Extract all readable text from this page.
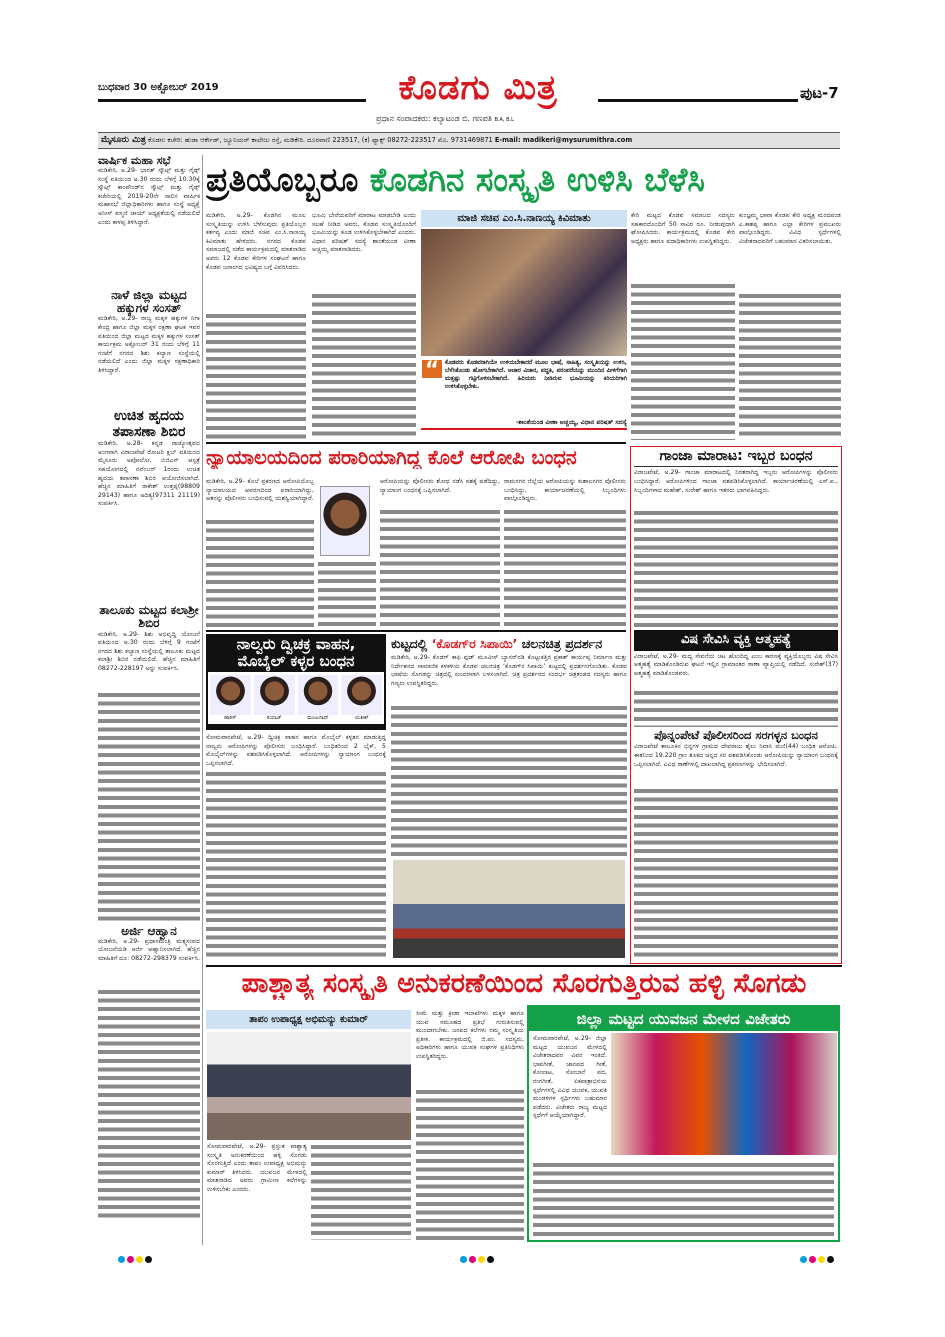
ಬುಧವಾರ 30 ಅಕ್ಟೋಬರ್ 2019	ಕೊಡಗು ಮಿತ್ರ	ಪುಟ-7
ಪ್ರಧಾನ ಸಂಪಾದಕರು: ಕಲ್ಯಾಟಂಡ ಬಿ. ಗಣಪತಿ B.A, B.L
ಮೈಸೂರು ಮಿತ್ರ ಕೊಡಗು ಕಚೇರಿ: ಹುಡಾ ಆರ್ಕೇಡ್, ಜ್ಯೂನಿಯರ್ ಕಾಲೇಜು ರಸ್ತೆ, ಮಡಿಕೇರಿ. ದೂರವಾಣಿ 223517, (ಕ) ಫ್ಯಾಕ್ಸ್ 08272-223517 ಮೊ. 9731469871 E-mail: madikeri@mysurumithra.com
ವಾರ್ಷಿಕ ಮಹಾ ಸಭೆ
ಮಡಿಕೇರಿ, ಅ.29- ಭಾರತ್ ಸ್ಕೌಟ್ಸ್ ಮತ್ತು ಗೈಡ್ಸ್ ಸಂಸ್ಥೆ ವತಿಯಿಂದ ಅ.30 ರಂದು ಬೆಳಿಗ್ಗೆ 10.30ಕ್ಕೆ ಸ್ಕೌಟ್ಸ್ ಕಾಂಪೌಂಡ್‌ನ ಸ್ಕೌಟ್ಸ್ ಮತ್ತು ಗೈಡ್ಸ್ ಕಚೇರಿಯಲ್ಲಿ 2019-20ನೇ ಸಾಲಿನ ವಾರ್ಷಿಕ ಮಹಾಸಭೆ ಜಿಲ್ಲಾಧಿಕಾರಿಗಳು ಹಾಗೂ ಸಂಸ್ಥೆ ಅಧ್ಯಕ್ಷೆ ಅನೀಸ್ ಕಣ್ಮಣಿ ಜಾಯ್ ಅಧ್ಯಕ್ಷತೆಯಲ್ಲಿ ನಡೆಯಲಿದೆ ಎಂದು ಕಾಳಪ್ಪ ತಿಳಿಸಿದ್ದಾರೆ.
ನಾಳೆ ಜಿಲ್ಲಾ ಮಟ್ಟದ ಹಕ್ಕುಗಳ ಸಂಸತ್
ಮಡಿಕೇರಿ, ಅ.29- ರಾಜ್ಯ ಮಕ್ಕಳ ಹಕ್ಕುಗಳ ನಿಗಾ ಕೇಂದ್ರ ಹಾಗೂ ಜಿಲ್ಲಾ ಮಕ್ಕಳ ರಕ್ಷಣಾ ಘಟಕ ಇವರ ವತಿಯಿಂದ ಜಿಲ್ಲಾ ಮಟ್ಟದ ಮಕ್ಕಳ ಹಕ್ಕುಗಳ ಸಂಸತ್ ಕಾರ್ಯಕ್ರಮ ಅಕ್ಟೋಬರ್ 31 ರಂದು ಬೆಳಿಗ್ಗೆ 11 ಗಂಟೆಗೆ ನಗರದ ಶಿಶು ಕಲ್ಯಾಣ ಸಂಸ್ಥೆಯಲ್ಲಿ ನಡೆಯಲಿದೆ ಎಂದು ಜಿಲ್ಲಾ ಮಕ್ಕಳ ರಕ್ಷಣಾಧಿಕಾರಿ ತಿಳಿಸಿದ್ದಾರೆ.
ಉಚಿತ ಹೃದಯ ತಪಾಸಣಾ ಶಿಬಿರ
ಮಡಿಕೇರಿ, ಅ.28- ಕನ್ನಡ ರಾಜ್ಯೋತ್ಸವದ ಅಂಗವಾಗಿ ವಿರಾಜಪೇಟೆ ರೋಟರಿ ಕ್ಲಬ್ ವತಿಯಿಂದ ಮೈಸೂರು ಅಪೋಲೋ, ಬಿಜಿಎಸ್ ಆಸ್ಪತ್ರೆ ಸಹಯೋಗದಲ್ಲಿ ನವೆಂಬರ್ 1ರಂದು ಉಚಿತ ಹೃದಯ ತಪಾಸಣಾ ಶಿಬಿರ ಆಯೋಜಿಸಲಾಗಿದೆ. ಹೆಚ್ಚಿನ ಮಾಹಿತಿಗೆ ರಾಕೇಶ್ ಉತ್ತಪ್ಪ(98809 29143) ಹಾಗೂ ಅದಿತ್ಯ(97311 21119) ಸಂಪರ್ಕಿಸಿ.
ತಾಲೂಕು ಮಟ್ಟದ ಕಲಾಶ್ರೀ ಶಿಬಿರ
ಮಡಿಕೇರಿ, ಅ.29- ಶಿಶು ಅಭಿವೃದ್ಧಿ ಯೋಜನೆ ವತಿಯಿಂದ ಅ.30 ರಂದು ಬೆಳಿಗ್ಗೆ 9 ಗಂಟೆಗೆ ನಗರದ ಶಿಶು ಕಲ್ಯಾಣ ಸಂಸ್ಥೆಯಲ್ಲಿ ತಾಲೂಕು ಮಟ್ಟದ ಕಲಾಶ್ರೀ ಶಿಬಿರ ನಡೆಯಲಿದೆ. ಹೆಚ್ಚಿನ ಮಾಹಿತಿಗೆ 08272-228197 ಅನ್ನು ಸಂಪರ್ಕಿಸಿ.
ಅರ್ಜಿ ಆಹ್ವಾನ
ಮಡಿಕೇರಿ, ಅ.29- ಪ್ರಧಾನಮಂತ್ರಿ ಮತ್ಸ್ಯಸಂಪದ ಯೋಜನೆಯಡಿ ಅರ್ಜಿ ಆಹ್ವಾನಿಸಲಾಗಿದೆ. ಹೆಚ್ಚಿನ ಮಾಹಿತಿಗೆ ದೂ: 08272-298379 ಸಂಪರ್ಕಿಸಿ.
ಪ್ರತಿಯೊಬ್ಬರೂ ಕೊಡಗಿನ ಸಂಸ್ಕೃತಿ ಉಳಿಸಿ ಬೆಳೆಸಿ
ಮಡಿಕೇರಿ, ಅ.29- ಕೊಡಗಿನ ಮೂಲ ಸಂಸ್ಕೃತಿಯನ್ನು ಉಳಿಸಿ ಬೆಳೆಸುವುದು ಪ್ರತಿಯೊಬ್ಬರ ಕರ್ತವ್ಯ ಎಂದು ಮಾಜಿ ಸಚಿವ ಎಂ.ಸಿ.ನಾಣಯ್ಯ ಕಿವಿಮಾತು ಹೇಳಿದರು. ನಗರದ ಕೊಡವ ಸಮಾಜದಲ್ಲಿ ನಡೆದ ಕಾರ್ಯಕ್ರಮದಲ್ಲಿ ಮಾತನಾಡಿದ ಅವರು 12 ಕೊಡವ ಕೇರಿಗಳ ಸಂಘಟನೆ ಹಾಗೂ ಕೊಡವ ಜನಾಂಗದ ಭವಿಷ್ಯದ ಬಗ್ಗೆ ವಿವರಿಸಿದರು.
ಭೂಮಿ ಬೇರೆಯವರಿಗೆ ಮಾರಾಟ ಮಾಡಬೇಡಿ ಎಂದು ಸಲಹೆ ನೀಡಿದ ಅವರು, ಕೊಡವ ಸಂಸ್ಕೃತಿಯೊಂದಿಗೆ ಭೂಮಿಯನ್ನು ಕೂಡ ಉಳಿಸಿಕೊಳ್ಳಬೇಕಾಗಿದೆ ಎಂದರು. ವಿಧಾನ ಪರಿಷತ್ ಸದಸ್ಯೆ ಶಾಂತೆಯಂಡ ವೀಣಾ ಅಚ್ಚಯ್ಯ ಮಾತನಾಡಿದರು.
ಮಾಜಿ ಸಚಿವ ಎಂ.ಸಿ.ನಾಣಯ್ಯ ಕಿವಿಮಾತು
“ ಕೊಡವರು ಕೊಡವರಾಗಿಯೇ ಉಳಿಯಬೇಕಾದರೆ ಮೂಲ ಭಾಷೆ, ಸಾಹಿತ್ಯ, ಸಂಸ್ಕೃತಿಯನ್ನು ಉಳಿಸಿ, ಬೆಳೆಸಿಕೊಂಡು ಹೋಗಬೇಕಾಗಿದೆ. ಆಚಾರ ವಿಚಾರ, ಪದ್ಧತಿ, ಪರಂಪರೆಯನ್ನು ಮುಂದಿನ ಪೀಳಿಗೆಗಾಗಿ ಮತ್ತಷ್ಟು ಗಟ್ಟಿಗೊಳಿಸಬೇಕಾಗಿದೆ. ಹಿರಿಯರು ನೀಡಿರುವ ಭೂಮಿಯನ್ನು ಕಿರಿಯರಿಗಾಗಿ ಉಳಿಸಿಕೊಳ್ಳಬೇಕು.
-ಶಾಂತೆಯಂಡ ವೀಣಾ ಅಚ್ಚಯ್ಯ, ವಿಧಾನ ಪರಿಷತ್ ಸದಸ್ಯೆ
ಕೇರಿ ಮಟ್ಟದ ಕೊಡವ ಸಮಾಜದ ಸದಸ್ಯರು ಸಹಕಾರದೊಂದಿಗೆ 50 ಸಾವಿರ ರೂ. ನೀಡುವುದಾಗಿ ಘೋಷಿಸಿದರು. ಕಾರ್ಯಕ್ರಮದಲ್ಲಿ ಕೊಡವ ಕೇರಿ ಅಧ್ಯಕ್ಷರು ಹಾಗೂ ಪದಾಧಿಕಾರಿಗಳು ಉಪಸ್ಥಿತರಿದ್ದರು.
ಕುಂಜ್ಞಮ್ಮ ಭಾವಾ ಕೊಡವ ಕೇರಿ ಅಧ್ಯಕ್ಷ ಮಂದಪಂಡ ಎ.ಕಾಶಪ್ಪ ಹಾಗೂ ಎಲ್ಲಾ ಕೇರಿಗಳ ಪ್ರಮುಖರು ಪಾಲ್ಗೊಂಡಿದ್ದರು. ವಿವಿಧ ಸ್ಪರ್ಧೆಗಳಲ್ಲಿ ವಿಜೇತರಾದವರಿಗೆ ಬಹುಮಾನ ವಿತರಿಸಲಾಯಿತು.
ನ್ಯಾಯಾಲಯದಿಂದ ಪರಾರಿಯಾಗಿದ್ದ ಕೊಲೆ ಆರೋಪಿ ಬಂಧನ
ಮಡಿಕೇರಿ, ಅ.29- ಕೊಲೆ ಪ್ರಕರಣದ ಆರೋಪಿಯೊಬ್ಬ ನ್ಯಾಯಾಲಯದ ಆವರಣದಿಂದ ಪರಾರಿಯಾಗಿದ್ದು, ಆತನನ್ನು ಪೊಲೀಸರು ಬಂಧಿಸುವಲ್ಲಿ ಯಶಸ್ವಿಯಾಗಿದ್ದಾರೆ.
ಆರೋಪಿಯನ್ನು ಪೊಲೀಸರು ಶೋಧ ನಡೆಸಿ ವಶಕ್ಕೆ ಪಡೆದಿದ್ದು, ನ್ಯಾಯಾಂಗ ಬಂಧನಕ್ಕೆ ಒಪ್ಪಿಸಲಾಗಿದೆ.
ರಾಮನಗರ ಜಿಲ್ಲೆಯ ಆರೋಪಿಯನ್ನು ಕುಶಾಲನಗರ ಪೊಲೀಸರು ಬಂಧಿಸಿದ್ದು, ಕಾರ್ಯಾಚರಣೆಯಲ್ಲಿ ಸಿಬ್ಬಂದಿಗಳು ಪಾಲ್ಗೊಂಡಿದ್ದರು.
ಗಾಂಜಾ ಮಾರಾಟ: ಇಬ್ಬರ ಬಂಧನ
ವಿರಾಜಪೇಟೆ, ಅ.29- ಗಾಂಜಾ ಮಾರಾಟದಲ್ಲಿ ನಿರತರಾಗಿದ್ದ ಇಬ್ಬರು ಆರೋಪಿಗಳನ್ನು ಪೊಲೀಸರು ಬಂಧಿಸಿದ್ದಾರೆ. ಆರೋಪಿಗಳಿಂದ ಗಾಂಜಾ ವಶಪಡಿಸಿಕೊಳ್ಳಲಾಗಿದೆ. ಕಾರ್ಯಾಚರಣೆಯಲ್ಲಿ ಎಸ್.ಐ., ಸಿಬ್ಬಂದಿಗಳಾದ ಮಹೇಶ್, ಸುರೇಶ್ ಹಾಗೂ ಇತರರು ಭಾಗವಹಿಸಿದ್ದರು.
ವಿಷ ಸೇವಿಸಿ ವ್ಯಕ್ತಿ ಆತ್ಮಹತ್ಯೆ
ವಿರಾಜಪೇಟೆ, ಅ.29- ಮದ್ಯ ಸೇವನೆಯ ಚಟ ಹೊಂದಿದ್ದ ಎಂಬ ಕಾರಣಕ್ಕೆ ವ್ಯಕ್ತಿಯೊಬ್ಬರು ವಿಷ ಸೇವಿಸಿ ಆತ್ಮಹತ್ಯೆ ಮಾಡಿಕೊಂಡಿರುವ ಘಟನೆ ಇಲ್ಲಿನ ಗ್ರಾಮಾಂತರ ಠಾಣಾ ವ್ಯಾಪ್ತಿಯಲ್ಲಿ ನಡೆದಿದೆ. ಸುರೇಶ್(37) ಆತ್ಮಹತ್ಯೆ ಮಾಡಿಕೊಂಡವರು.
ಪೊನ್ನಂಪೇಟೆ ಪೊಲೀಸರಿಂದ ಸರಗಳ್ಳನ ಬಂಧನ
ವಿರಾಜಪೇಟೆ ತಾಲೂಕಿನ ಭಿನ್ನಗಳ ಗ್ರಾಮದ ದೇವರಾಜು ಶೈಲು ನಿವಾಸಿ ಮಣಿ(44) ಬಂಧಿತ ಆರೋಪಿ. ಈತನಿಂದ 19.220 ಗ್ರಾಂ ತೂಕದ ಚಿನ್ನದ ಸರ ವಶಪಡಿಸಿಕೊಂಡು ಆರೋಪಿಯನ್ನು ನ್ಯಾಯಾಂಗ ಬಂಧನಕ್ಕೆ ಒಪ್ಪಿಸಲಾಗಿದೆ. ವಿವಿಧ ಠಾಣೆಗಳಲ್ಲಿ ದಾಖಲಾಗಿದ್ದ ಪ್ರಕರಣಗಳನ್ನು ಭೇದಿಸಲಾಗಿದೆ.
ನಾಲ್ವರು ದ್ವಿಚಕ್ರ ವಾಹನ,
ಮೊಬೈಲ್ ಕಳ್ಳರ ಬಂಧನ
ಹಾರಿಸ್	ರಿಯಾಜ್	ಮಂಜುನಾಥ್	ಯತೀಶ್
ಸೋಮವಾರಪೇಟೆ, ಅ.29- ದ್ವಿಚಕ್ರ ವಾಹನ ಹಾಗೂ ಮೊಬೈಲ್ ಕಳ್ಳತನ ಮಾಡುತ್ತಿದ್ದ ನಾಲ್ವರು ಆರೋಪಿಗಳನ್ನು ಪೊಲೀಸರು ಬಂಧಿಸಿದ್ದಾರೆ. ಬಂಧಿತರಿಂದ 2 ಬೈಕ್, 5 ಮೊಬೈಲ್‌ಗಳನ್ನು ವಶಪಡಿಸಿಕೊಳ್ಳಲಾಗಿದೆ. ಆರೋಪಿಗಳನ್ನು ನ್ಯಾಯಾಂಗ ಬಂಧನಕ್ಕೆ ಒಪ್ಪಿಸಲಾಗಿದೆ.
ಕುಟ್ಟದಲ್ಲಿ ‘ಕೊಡಗ್‌ರ ಸಿಪಾಯಿ’ ಚಲನಚಿತ್ರ ಪ್ರದರ್ಶನ
ಮಡಿಕೇರಿ, ಅ.29- ಕೊಡಗ್ ಕಾಫಿ ಫುಡ್ ಮೂವೀಸ್ ಬ್ಯಾನರ್‌ನಡಿ ಕೊಟ್ಟುಕತ್ತಿರ ಪ್ರಕಾಶ್ ಕಾರ್ಯಪ್ಪ ನಿರ್ಮಾಣ ಮತ್ತು ನಿರ್ದೇಶನದ ಸಾಮಾಜಿಕ ಕಳಕಳಿಯ ಕೊಡವ ಚಲನಚಿತ್ರ ‘ಕೊಡಗ್‌ರ ಸಿಪಾಯಿ’ ಕುಟ್ಟದಲ್ಲಿ ಪ್ರದರ್ಶನಗೊಂಡಿತು. ಕೊಡವ ಭಾಷೆಯ ಸೊಗಡನ್ನು ಚಿತ್ರದಲ್ಲಿ ಸುಂದರವಾಗಿ ಬಳಸಲಾಗಿದೆ. ಚಿತ್ರ ಪ್ರದರ್ಶನದ ಸಂದರ್ಭ ಚಿತ್ರತಂಡದ ಸದಸ್ಯರು ಹಾಗೂ ಗಣ್ಯರು ಉಪಸ್ಥಿತರಿದ್ದರು.
ಪಾಶ್ಚಾತ್ಯ ಸಂಸ್ಕೃತಿ ಅನುಕರಣೆಯಿಂದ ಸೊರಗುತ್ತಿರುವ ಹಳ್ಳಿ ಸೊಗಡು
ತಾಪಂ ಉಪಾಧ್ಯಕ್ಷ ಅಭಿಮನ್ಯು ಕುಮಾರ್
ಸೋಮವಾರಪೇಟೆ, ಅ.29- ಪ್ರಸ್ತುತ ಪಾಶ್ಚಾತ್ಯ ಸಂಸ್ಕೃತಿ ಅನುಕರಣೆಯಿಂದ ಹಳ್ಳಿ ಸೊಗಡು ಸೊರಗುತ್ತಿದೆ ಎಂದು ತಾಪಂ ಉಪಾಧ್ಯಕ್ಷ ಅಭಿಮನ್ಯು ಕುಮಾರ್ ತಿಳಿಸಿದರು. ಯುವಜನ ಮೇಳದಲ್ಲಿ ಮಾತನಾಡಿದ ಅವರು ಗ್ರಾಮೀಣ ಕಲೆಗಳನ್ನು ಉಳಿಸಬೇಕು ಎಂದರು.
ಸೀಮೆ ಮತ್ತು ಕ್ರೀಡಾ ಇಲಾಖೆಗಳು ಮಕ್ಕಳ ಹಾಗೂ ಯುವ ಸಮೂಹದ ಪ್ರತಿಭೆ ಗುರುತಿಸುವಲ್ಲಿ ಮುಂದಾಗಬೇಕು. ಜನಪದ ಕಲೆಗಳು ನಮ್ಮ ಸಂಸ್ಕೃತಿಯ ಪ್ರತೀಕ. ಕಾರ್ಯಕ್ರಮದಲ್ಲಿ ಜಿ.ಪಂ. ಸದಸ್ಯರು, ಅಧಿಕಾರಿಗಳು ಹಾಗೂ ಯುವಕ ಸಂಘಗಳ ಪ್ರತಿನಿಧಿಗಳು ಉಪಸ್ಥಿತರಿದ್ದರು.
ಜಿಲ್ಲಾ ಮಟ್ಟದ ಯುವಜನ ಮೇಳದ ವಿಜೇತರು
ಸೋಮವಾರಪೇಟೆ, ಅ.29- ಜಿಲ್ಲಾ ಮಟ್ಟದ ಯುವಜನ ಮೇಳದಲ್ಲಿ ವಿಜೇತರಾದವರ ವಿವರ ಇಂತಿದೆ. ಭಾವಗೀತೆ, ಜಾನಪದ ಗೀತೆ, ಕೋಲಾಟ, ಸೋಬಾನೆ ಪದ, ರಂಗಗೀತೆ, ಏಕಪಾತ್ರಾಭಿನಯ ಸ್ಪರ್ಧೆಗಳಲ್ಲಿ ವಿವಿಧ ಯುವಕ, ಯುವತಿ ಮಂಡಳಿಗಳ ಸ್ಪರ್ಧಿಗಳು ಬಹುಮಾನ ಪಡೆದರು. ವಿಜೇತರು ರಾಜ್ಯ ಮಟ್ಟದ ಸ್ಪರ್ಧೆಗೆ ಆಯ್ಕೆಯಾಗಿದ್ದಾರೆ.
